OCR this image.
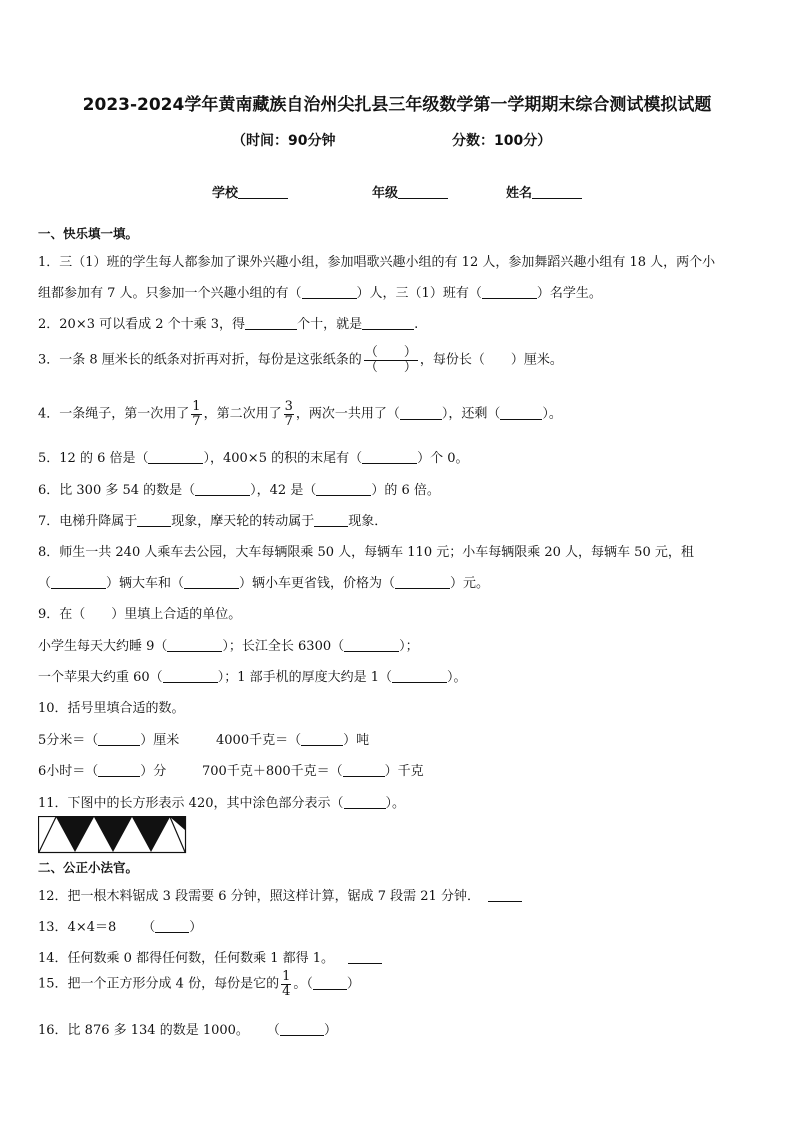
2023-2024学年黄南藏族自治州尖扎县三年级数学第一学期期末综合测试模拟试题
（时间：90分钟	分数：100分）
学校	年级	姓名
一、快乐填一填。
1．三（1）班的学生每人都参加了课外兴趣小组，参加唱歌兴趣小组的有 12 人，参加舞蹈兴趣小组有 18 人，两个小
组都参加有 7 人。只参加一个兴趣小组的有（	）人，三（1）班有（	）名学生。
2．20×3 可以看成 2 个十乘 3，得	个十，就是	.
3．一条 8 厘米长的纸条对折再对折，每份是这张纸条的 $\frac{( )}{( )}$ ，每份长（　　）厘米。
4．一条绳子，第一次用了 $\frac{1}{7}$ ，第二次用了 $\frac{3}{7}$ ，两次一共用了（	），还剩（	）。
5．12 的 6 倍是（	），400×5 的积的末尾有（	）个 0。
6．比 300 多 54 的数是（	），42 是（	）的 6 倍。
7．电梯升降属于	现象，摩天轮的转动属于	现象．
8．师生一共 240 人乘车去公园，大车每辆限乘 50 人，每辆车 110 元；小车每辆限乘 20 人，每辆车 50 元，租
（	）辆大车和（	）辆小车更省钱，价格为（	）元。
9．在（　　）里填上合适的单位。
小学生每天大约睡 9（	）；长江全长 6300（	）；
一个苹果大约重 60（	）；1 部手机的厚度大约是 1（	）。
10．括号里填合适的数。
5分米＝（	）厘米	4000千克＝（	）吨
6小时＝（	）分	700千克＋800千克＝（	）千克
11．下图中的长方形表示 420，其中涂色部分表示（	）。
二、公正小法官。
12．把一根木料锯成 3 段需要 6 分钟，照这样计算，锯成 7 段需 21 分钟．
13．4×4＝8 （	）
14．任何数乘 0 都得任何数，任何数乘 1 都得 1。
15．把一个正方形分成 4 份，每份是它的 $\frac{1}{4}$ 。（	）
16．比 876 多 134 的数是 1000。 （	）
